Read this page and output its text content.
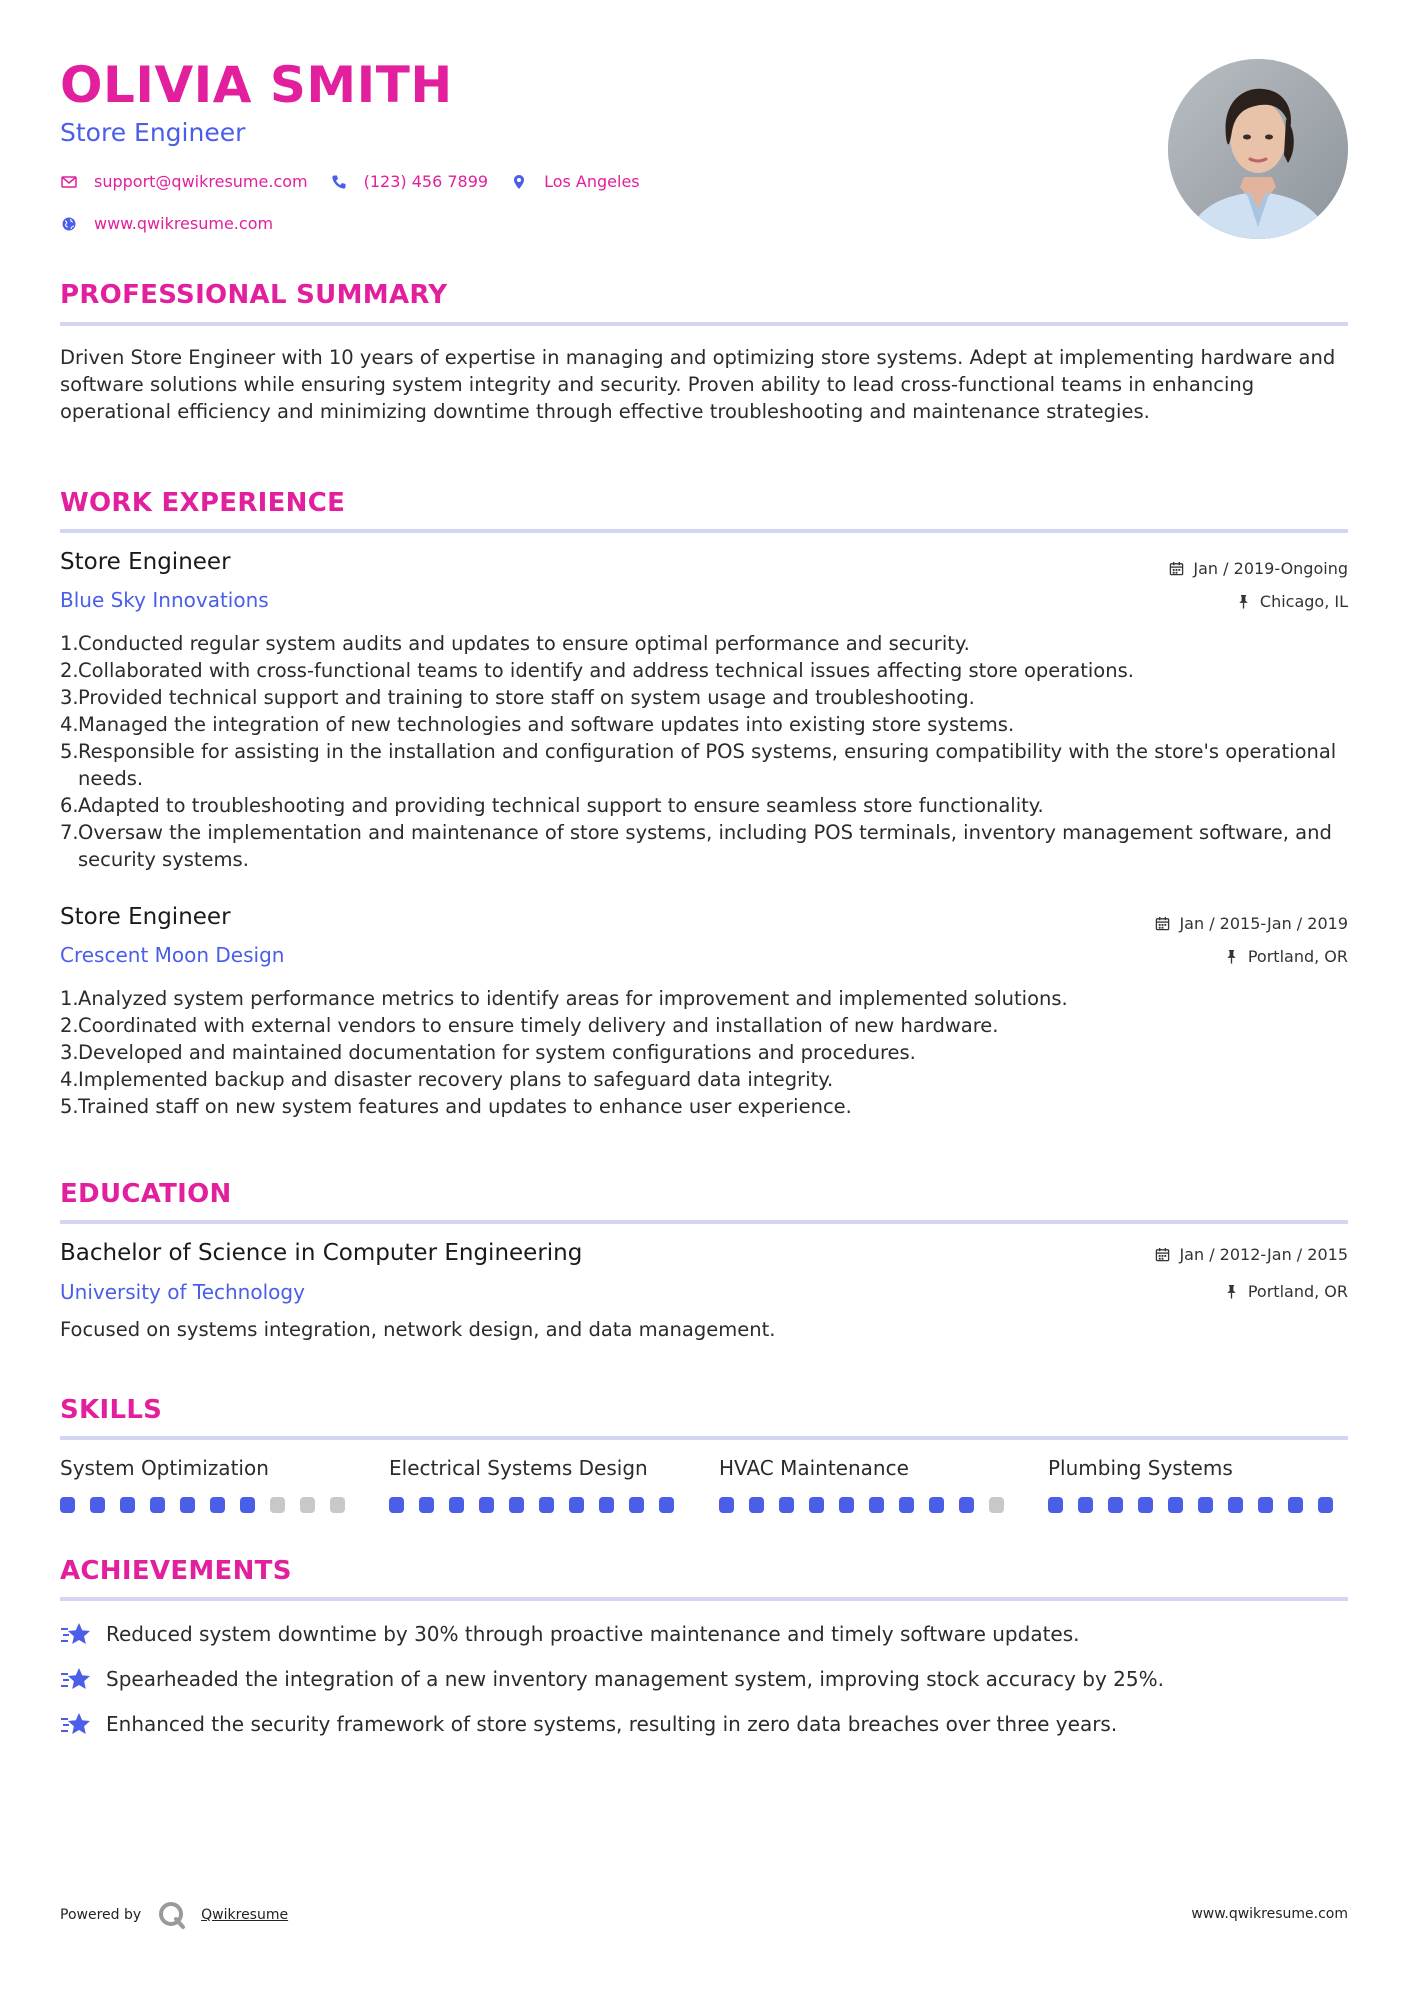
OLIVIA SMITH
Store Engineer
support@qwikresume.com	(123) 456 7899	Los Angeles
www.qwikresume.com
PROFESSIONAL SUMMARY

Driven Store Engineer with 10 years of expertise in managing and optimizing store systems. Adept at implementing hardware and software solutions while ensuring system integrity and security. Proven ability to lead cross-functional teams in enhancing operational efficiency and minimizing downtime through effective troubleshooting and maintenance strategies.

WORK EXPERIENCE
Store Engineer	Jan / 2019-Ongoing
Blue Sky Innovations	Chicago, IL
1. Conducted regular system audits and updates to ensure optimal performance and security.
2. Collaborated with cross-functional teams to identify and address technical issues affecting store operations.
3. Provided technical support and training to store staff on system usage and troubleshooting.
4. Managed the integration of new technologies and software updates into existing store systems.
5. Responsible for assisting in the installation and configuration of POS systems, ensuring compatibility with the store's operational needs.
6. Adapted to troubleshooting and providing technical support to ensure seamless store functionality.
7. Oversaw the implementation and maintenance of store systems, including POS terminals, inventory management software, and security systems.
Store Engineer	Jan / 2015-Jan / 2019
Crescent Moon Design	Portland, OR
1. Analyzed system performance metrics to identify areas for improvement and implemented solutions.
2. Coordinated with external vendors to ensure timely delivery and installation of new hardware.
3. Developed and maintained documentation for system configurations and procedures.
4. Implemented backup and disaster recovery plans to safeguard data integrity.
5. Trained staff on new system features and updates to enhance user experience.
EDUCATION
Bachelor of Science in Computer Engineering	Jan / 2012-Jan / 2015
University of Technology	Portland, OR

Focused on systems integration, network design, and data management.

SKILLS
System Optimization	Electrical Systems Design	HVAC Maintenance	Plumbing Systems
ACHIEVEMENTS
Reduced system downtime by 30% through proactive maintenance and timely software updates.
Spearheaded the integration of a new inventory management system, improving stock accuracy by 25%.
Enhanced the security framework of store systems, resulting in zero data breaches over three years.
Powered by	Qwikresume	www.qwikresume.com
